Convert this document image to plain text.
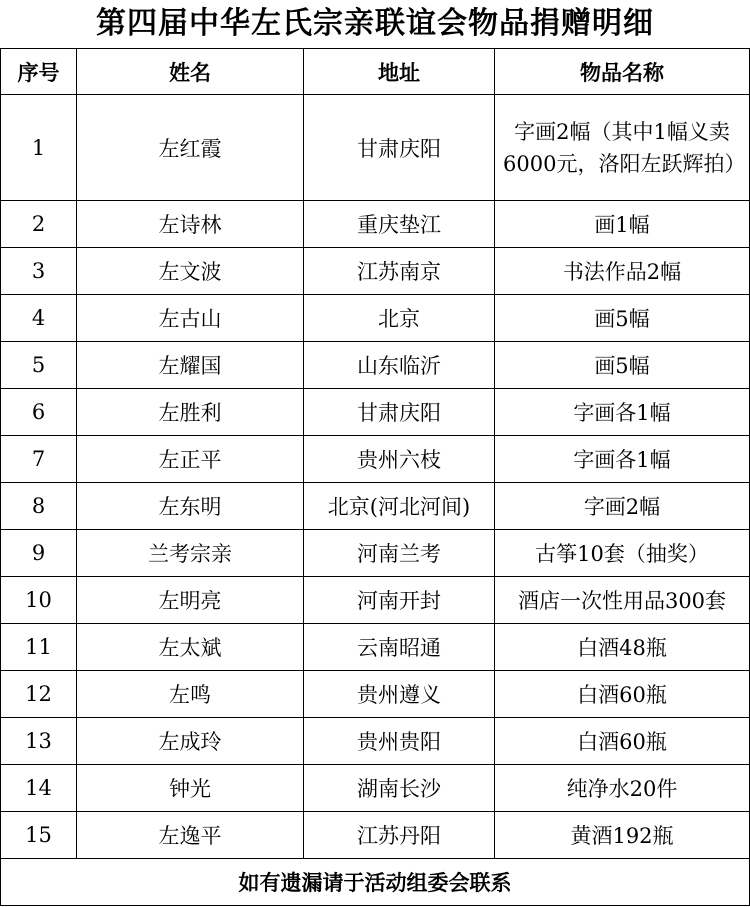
第四届中华左氏宗亲联谊会物品捐赠明细
序号	姓名	地址	物品名称
1	左红霞	甘肃庆阳	字画2幅（其中1幅义卖6000元，洛阳左跃辉拍）
2	左诗林	重庆垫江	画1幅
3	左文波	江苏南京	书法作品2幅
4	左古山	北京	画5幅
5	左耀国	山东临沂	画5幅
6	左胜利	甘肃庆阳	字画各1幅
7	左正平	贵州六枝	字画各1幅
8	左东明	北京(河北河间)	字画2幅
9	兰考宗亲	河南兰考	古筝10套（抽奖）
10	左明亮	河南开封	酒店一次性用品300套
11	左太斌	云南昭通	白酒48瓶
12	左鸣	贵州遵义	白酒60瓶
13	左成玲	贵州贵阳	白酒60瓶
14	钟光	湖南长沙	纯净水20件
15	左逸平	江苏丹阳	黄酒192瓶
如有遗漏请于活动组委会联系			
